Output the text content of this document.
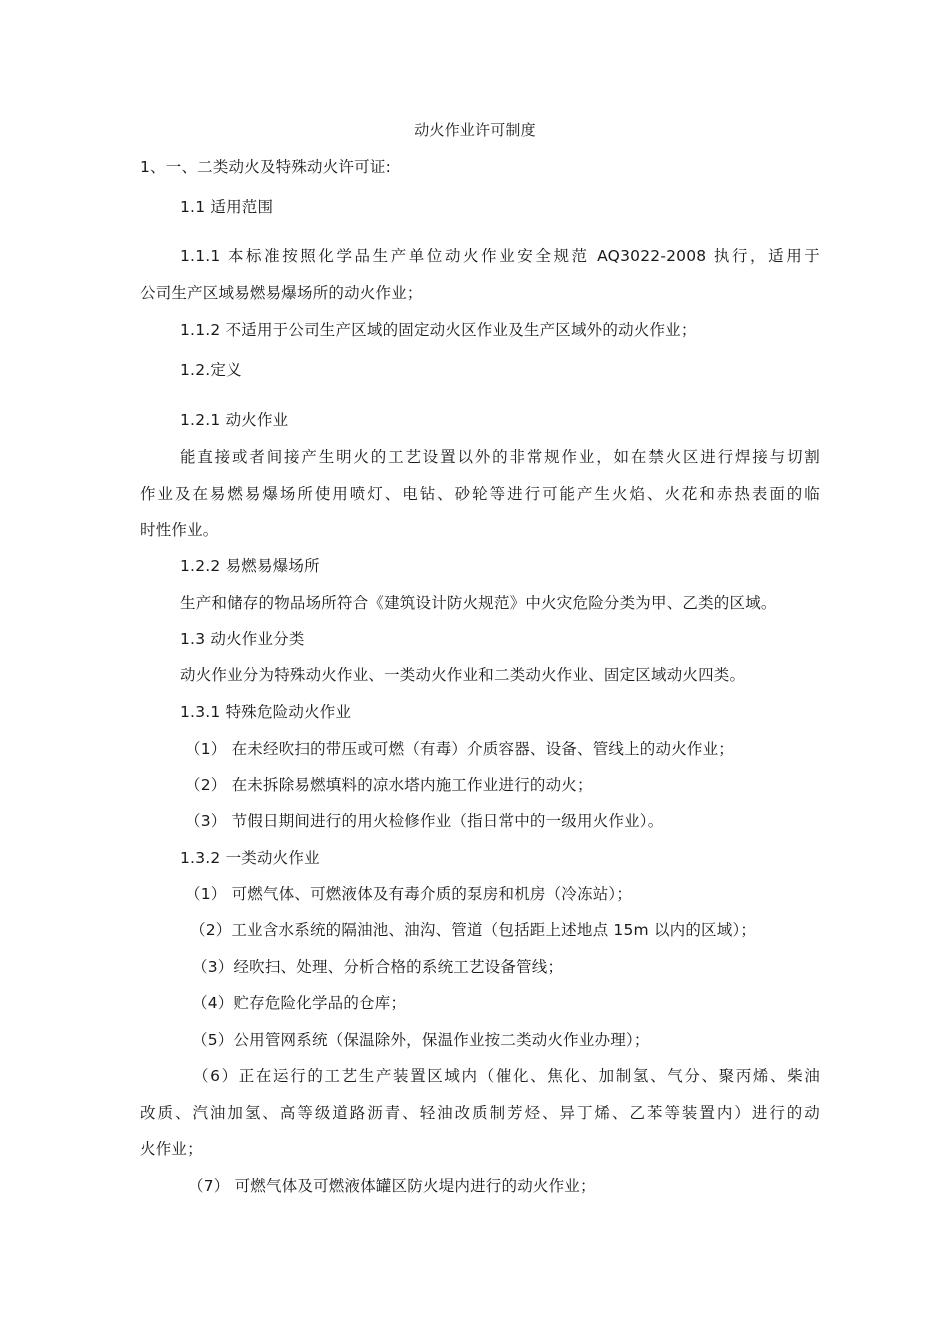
动火作业许可制度
1、一、二类动火及特殊动火许可证:
1.1 适用范围
1.1.1 本标准按照化学品生产单位动火作业安全规范 AQ3022-2008 执行，适用于
公司生产区域易燃易爆场所的动火作业；
1.1.2 不适用于公司生产区域的固定动火区作业及生产区域外的动火作业；
1.2.定义
1.2.1 动火作业
能直接或者间接产生明火的工艺设置以外的非常规作业，如在禁火区进行焊接与切割
作业及在易燃易爆场所使用喷灯、电钻、砂轮等进行可能产生火焰、火花和赤热表面的临
时性作业。
1.2.2 易燃易爆场所
生产和储存的物品场所符合《建筑设计防火规范》中火灾危险分类为甲、乙类的区域。
1.3 动火作业分类
动火作业分为特殊动火作业、一类动火作业和二类动火作业、固定区域动火四类。
1.3.1 特殊危险动火作业
（1） 在未经吹扫的带压或可燃（有毒）介质容器、设备、管线上的动火作业；
（2） 在未拆除易燃填料的凉水塔内施工作业进行的动火；
（3） 节假日期间进行的用火检修作业（指日常中的一级用火作业）。
1.3.2 一类动火作业
（1） 可燃气体、可燃液体及有毒介质的泵房和机房（冷冻站）；
（2）工业含水系统的隔油池、油沟、管道（包括距上述地点 15m 以内的区域）；
（3）经吹扫、处理、分析合格的系统工艺设备管线；
（4）贮存危险化学品的仓库；
（5）公用管网系统（保温除外，保温作业按二类动火作业办理）；
（6）正在运行的工艺生产装置区域内（催化、焦化、加制氢、气分、聚丙烯、柴油
改质、汽油加氢、高等级道路沥青、轻油改质制芳烃、异丁烯、乙苯等装置内）进行的动
火作业；
（7） 可燃气体及可燃液体罐区防火堤内进行的动火作业；
